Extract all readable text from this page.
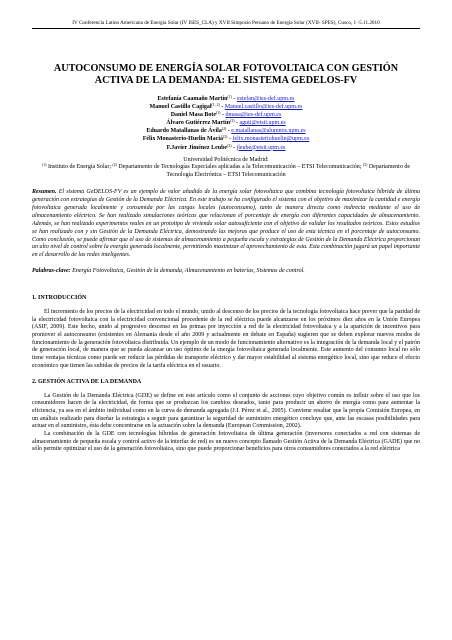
IV Conferencia Latino Americana de Energía Solar (IV ISES_CLA) y XVII Simposio Peruano de Energía Solar (XVII- SPES), Cusco, 1 -5.11.2010
AUTOCONSUMO DE ENERGÍA SOLAR FOTOVOLTAICA CON GESTIÓN
ACTIVA DE LA DEMANDA: EL SISTEMA GEDELOS-FV
Estefanía Caamaño Martín$^{(1)}$ - estefan@ies-def.upm.es
Manuel Castillo Cagigal$^{(1, 2)}$ - Manuel.castillo@ies-def.upm.es
Daniel Masa Bote$^{(1)}$ - dmasa@ies-def.upm.es
Álvaro Gutiérrez Martín$^{(2)}$ - aguti@etsit.upm.es
Eduardo Matallanas de Ávila$^{(2)}$ - e.matallanas@alumnos.upm.es
Félix Monasterio-Huelin Maciá$^{(3)}$ - felix.monasteriohuelin@upm.es
F.Javier Jiménez Leube$^{(3)}$ - jleube@etsit.upm.es
Universidad Politécnica de Madrid:
$^{(1)}$ Instituto de Energía Solar; $^{(2)}$ Departamento de Tecnologías Especiales aplicadas a la Telecomunicación – ETSI Telecomunicación; $^{(3)}$ Departamento de Tecnología Electrónica – ETSI Telecomunicación

Resumen. El sistema GeDELOS-FV es un ejemplo de valor añadido de la energía solar fotovoltaica que combina tecnología fotovoltaica híbrida de última generación con estrategias de Gestión de la Demanda Eléctrica. En este trabajo se ha configurado el sistema con el objetivo de maximizar la cantidad e energía fotovoltaica generada localmente y consumida por las cargas locales (autoconsumo), tanto de manera directa como indirecta mediante el uso de almacenamiento eléctrico. Se han realizado simulaciones teóricas que relacionan el porcentaje de energía con diferentes capacidades de almacenamiento. Además, se han realizado experimentos reales en un prototipo de vivienda solar autosuficiente con el objetivo de validar los resultados teóricos. Estos estudios se han realizado con y sin Gestión de la Demanda Eléctrica, demostrando las mejoras que produce el uso de esta técnica en el porcentaje de autoconsumo. Como conclusión, se puede afirmar que el uso de sistemas de almacenamiento a pequeña escala y estrategias de Gestión de la Demanda Eléctrica proporcionan un alto nivel de control sobre la energía generada localmente, permitiendo maximizar el aprovechamiento de esta. Esta combinación jugará un papel importante en el desarrollo de las redes inteligentes.

Palabras-clave: Energía Fotovoltaica, Gestión de la demanda, Almacenamiento en baterías, Sistemas de control.

1. INTRODUCCIÓN

El incremento de los precios de la electricidad en todo el mundo, unido al descenso de los precios de la tecnología fotovoltaica hace prever que la paridad de la electricidad fotovoltaica con la electricidad convencional procedente de la red eléctrica puede alcanzarse en los próximos diez años en la Unión Europea (ASIF, 2009). Este hecho, unido al progresivo descenso en las primas por inyección a red de la electricidad fotovoltaica y a la aparición de incentivos para promover el autoconsumo (existentes en Alemania desde el año 2009 y actualmente en debate en España) sugieren que se deben explorar nuevos modos de funcionamiento de la generación fotovoltaica distribuida. Un ejemplo de un modo de funcionamiento alternativo es la integración de la demanda local y el patrón de generación local, de manera que se pueda alcanzar un uso óptimo de la energía fotovoltaica generada localmente. Este aumento del consumo local no sólo tiene ventajas técnicas como puede ser reducir las pérdidas de transporte eléctrico y dar mayor estabilidad al sistema energético local, sino que reduce el efecto económico que tienen las subidas de precios de la tarifa eléctrica en el usuario.

2. GESTIÓN ACTIVA DE LA DEMANDA

La Gestión de la Demanda Eléctrica (GDE) se define en este artículo como el conjunto de acciones cuyo objetivo común es influir sobre el uso que los consumidores hacen de la electricidad, de forma que se produzcan los cambios deseados, tanto para producir un ahorro de energía como para aumentar la eficiencia, ya sea en el ámbito individual como en la curva de demanda agregada (J.I. Pérez et al., 2005). Conviene resaltar que la propia Comisión Europea, en un análisis realizado para diseñar la estrategia a seguir para garantizar la seguridad de suministro energético concluye que, ante las escasas posibilidades para actuar en el suministro, ésta debe concentrarse en la actuación sobre la demanda (European Commission, 2002).

La combinación de la GDE con tecnologías híbridas de generación fotovoltaica de última generación (inversores conectados a red con sistemas de almacenamiento de pequeña escala y control activo de la interfaz de red) es un nuevo concepto llamado Gestión Activa de la Demanda Eléctrica (GADE) que no sólo permite optimizar el uso de la generación fotovoltaica, sino que puede proporcionar beneficios para otros consumidores conectados a la red eléctrica
